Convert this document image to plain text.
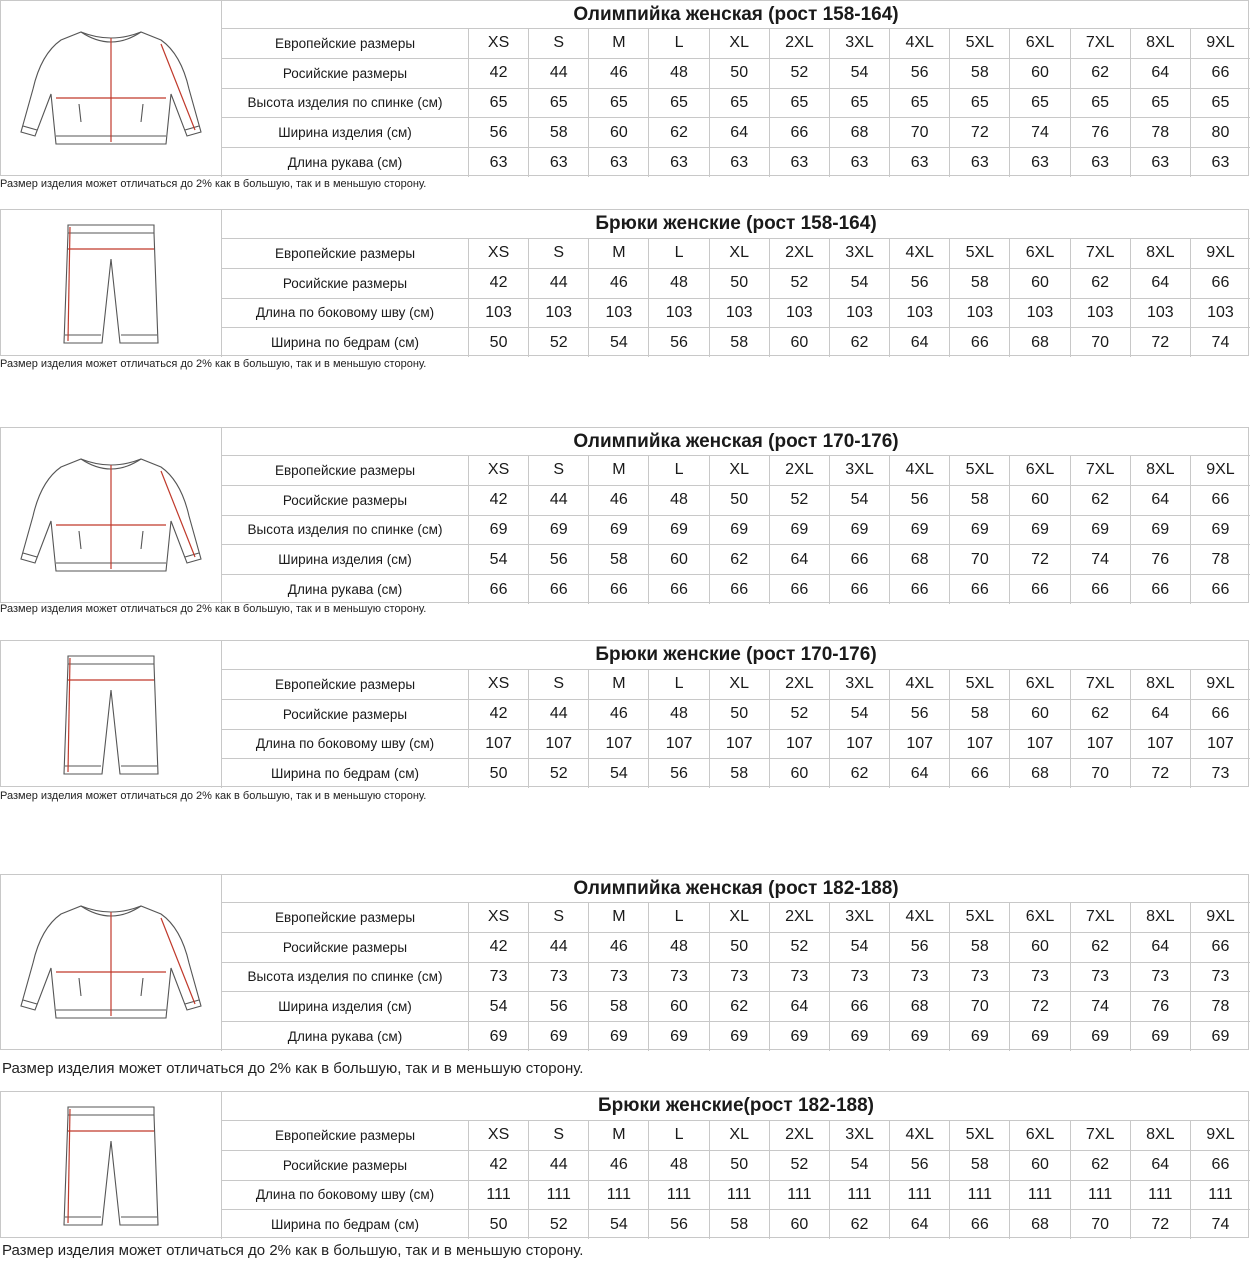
Олимпийка женская (рост 158-164)
Европейские размеры	XS	S	M	L	XL	2XL	3XL	4XL	5XL	6XL	7XL	8XL	9XL
Росийские размеры	42	44	46	48	50	52	54	56	58	60	62	64	66
Высота изделия по спинке (см)	65	65	65	65	65	65	65	65	65	65	65	65	65
Ширина изделия (см)	56	58	60	62	64	66	68	70	72	74	76	78	80
Длина рукава (см)	63	63	63	63	63	63	63	63	63	63	63	63	63
Размер изделия может отличаться до 2% как в большую, так и в меньшую сторону.
Брюки женские (рост 158-164)
Европейские размеры	XS	S	M	L	XL	2XL	3XL	4XL	5XL	6XL	7XL	8XL	9XL
Росийские размеры	42	44	46	48	50	52	54	56	58	60	62	64	66
Длина по боковому шву (см)	103	103	103	103	103	103	103	103	103	103	103	103	103
Ширина по бедрам (см)	50	52	54	56	58	60	62	64	66	68	70	72	74
Размер изделия может отличаться до 2% как в большую, так и в меньшую сторону.
Олимпийка женская (рост 170-176)
Европейские размеры	XS	S	M	L	XL	2XL	3XL	4XL	5XL	6XL	7XL	8XL	9XL
Росийские размеры	42	44	46	48	50	52	54	56	58	60	62	64	66
Высота изделия по спинке (см)	69	69	69	69	69	69	69	69	69	69	69	69	69
Ширина изделия (см)	54	56	58	60	62	64	66	68	70	72	74	76	78
Длина рукава (см)	66	66	66	66	66	66	66	66	66	66	66	66	66
Размер изделия может отличаться до 2% как в большую, так и в меньшую сторону.
Брюки женские (рост 170-176)
Европейские размеры	XS	S	M	L	XL	2XL	3XL	4XL	5XL	6XL	7XL	8XL	9XL
Росийские размеры	42	44	46	48	50	52	54	56	58	60	62	64	66
Длина по боковому шву (см)	107	107	107	107	107	107	107	107	107	107	107	107	107
Ширина по бедрам (см)	50	52	54	56	58	60	62	64	66	68	70	72	73
Размер изделия может отличаться до 2% как в большую, так и в меньшую сторону.
Олимпийка женская (рост 182-188)
Европейские размеры	XS	S	M	L	XL	2XL	3XL	4XL	5XL	6XL	7XL	8XL	9XL
Росийские размеры	42	44	46	48	50	52	54	56	58	60	62	64	66
Высота изделия по спинке (см)	73	73	73	73	73	73	73	73	73	73	73	73	73
Ширина изделия (см)	54	56	58	60	62	64	66	68	70	72	74	76	78
Длина рукава (см)	69	69	69	69	69	69	69	69	69	69	69	69	69
Размер изделия может отличаться до 2% как в большую, так и в меньшую сторону.
Брюки женские(рост 182-188)
Европейские размеры	XS	S	M	L	XL	2XL	3XL	4XL	5XL	6XL	7XL	8XL	9XL
Росийские размеры	42	44	46	48	50	52	54	56	58	60	62	64	66
Длина по боковому шву (см)	111	111	111	111	111	111	111	111	111	111	111	111	111
Ширина по бедрам (см)	50	52	54	56	58	60	62	64	66	68	70	72	74
Размер изделия может отличаться до 2% как в большую, так и в меньшую сторону.
